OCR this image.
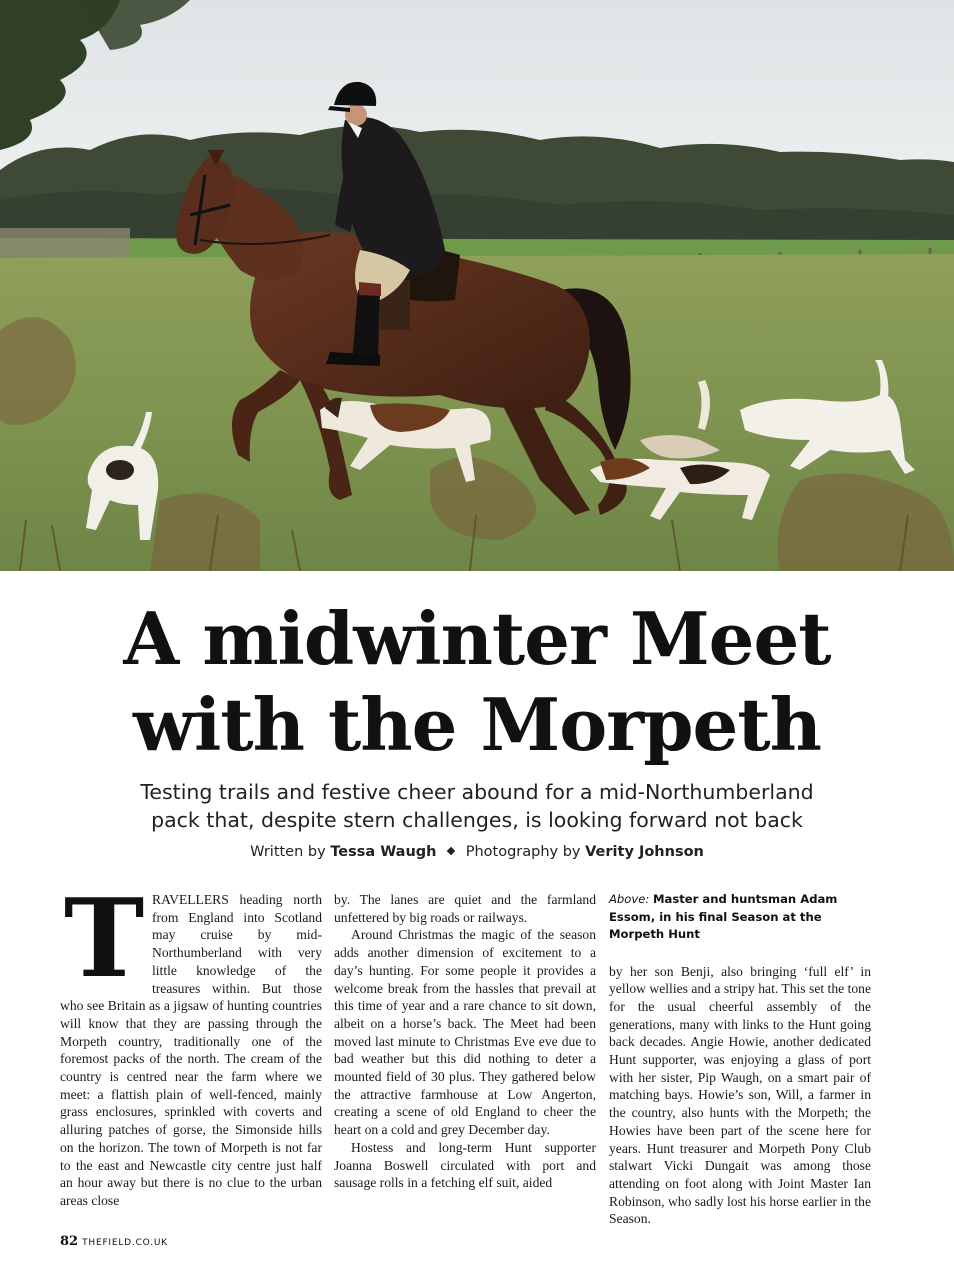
A midwinter Meet
with the Morpeth
Testing trails and festive cheer abound for a mid-Northumberland
pack that, despite stern challenges, is looking forward not back
Written by Tessa Waugh Photography by Verity Johnson

TRAVELLERS heading north from England into Scotland may cruise by mid-Northumberland with very little knowledge of the treasures within. But those who see Britain as a jigsaw of hunting countries will know that they are passing through the Morpeth country, traditionally one of the foremost packs of the north. The cream of the country is centred near the farm where we meet: a flattish plain of well-fenced, mainly grass enclosures, sprinkled with coverts and alluring patches of gorse, the Simonside hills on the horizon. The town of Morpeth is not far to the east and Newcastle city centre just half an hour away but there is no clue to the urban areas close

by. The lanes are quiet and the farmland unfettered by big roads or railways.

Around Christmas the magic of the season adds another dimension of excitement to a day’s hunting. For some people it provides a welcome break from the hassles that prevail at this time of year and a rare chance to sit down, albeit on a horse’s back. The Meet had been moved last minute to Christmas Eve eve due to bad weather but this did nothing to deter a mounted field of 30 plus. They gathered below the attractive farmhouse at Low Angerton, creating a scene of old England to cheer the heart on a cold and grey December day.

Hostess and long-term Hunt supporter Joanna Boswell circulated with port and sausage rolls in a fetching elf suit, aided

Above: Master and huntsman Adam Essom, in his final Season at the Morpeth Hunt

by her son Benji, also bringing ‘full elf’ in yellow wellies and a stripy hat. This set the tone for the usual cheerful assembly of the generations, many with links to the Hunt going back decades. Angie Howie, another dedicated Hunt supporter, was enjoying a glass of port with her sister, Pip Waugh, on a smart pair of matching bays. Howie’s son, Will, a farmer in the country, also hunts with the Morpeth; the Howies have been part of the scene here for years. Hunt treasurer and Morpeth Pony Club stalwart Vicki Dungait was among those attending on foot along with Joint Master Ian Robinson, who sadly lost his horse earlier in the Season.

82 THEFIELD.CO.UK
